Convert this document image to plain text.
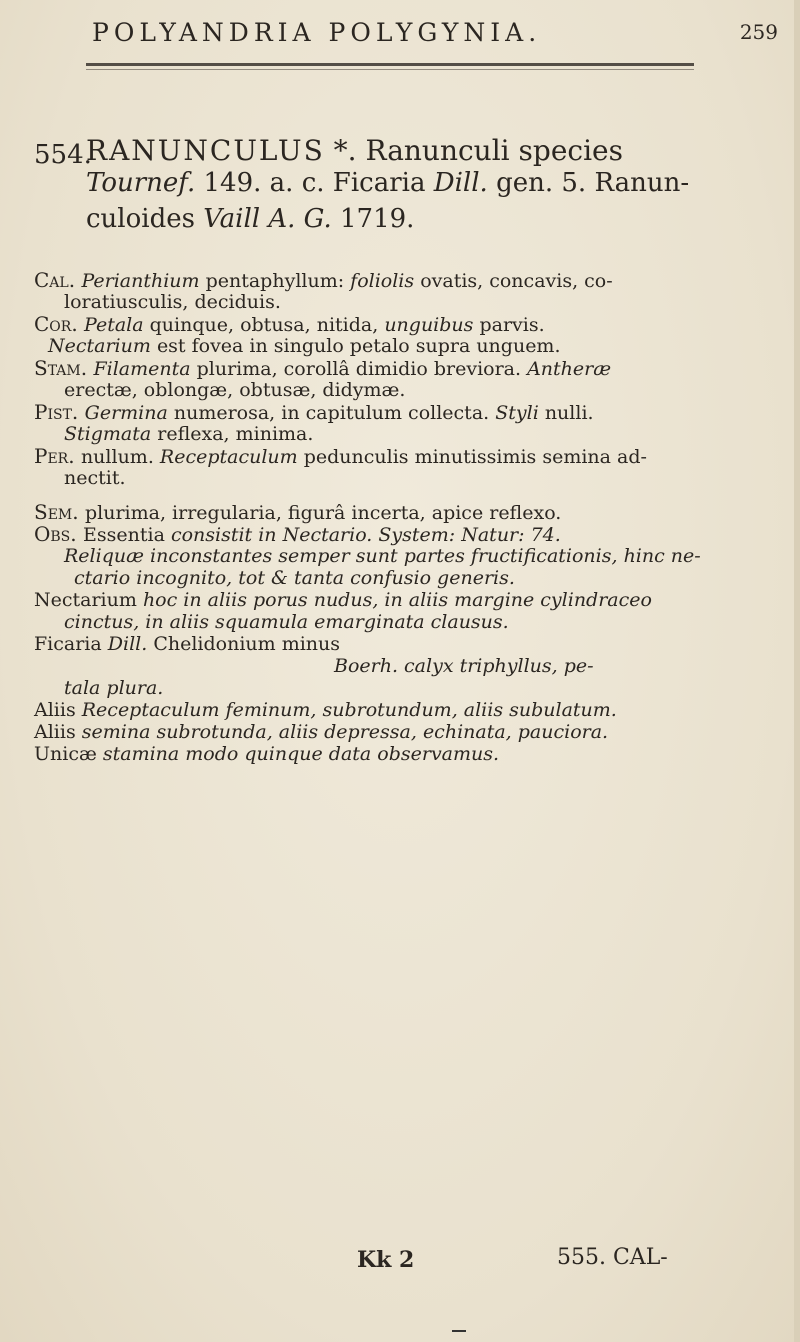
POLYANDRIA POLYGYNIA.	259
554.
RANUNCULUS *. Ranunculi species
Tournef. 149. a. c. Ficaria Dill. gen. 5. Ranun-
culoides Vaill A. G. 1719.
Cal. Perianthium pentaphyllum: foliolis ovatis, concavis, co-
loratiusculis, deciduis.
Cor. Petala quinque, obtusa, nitida, unguibus parvis.
Nectarium est fovea in singulo petalo supra unguem.
Stam. Filamenta plurima, corollâ dimidio breviora. Antheræ
erectæ, oblongæ, obtusæ, didymæ.
Pist. Germina numerosa, in capitulum collecta. Styli nulli.
Stigmata reflexa, minima.
Per. nullum. Receptaculum pedunculis minutissimis semina ad-
nectit.
Sem. plurima, irregularia, figurâ incerta, apice reflexo.
Obs. Essentia consistit in Nectario. System: Natur: 74.
Reliquæ inconstantes semper sunt partes fructificationis, hinc ne-
ctario incognito, tot & tanta confusio generis.
Nectarium hoc in aliis porus nudus, in aliis margine cylindraceo
cinctus, in aliis squamula emarginata clausus.
Ficaria Dill. Chelidonium minus
Boerh. calyx triphyllus, pe-
tala plura.
Aliis Receptaculum feminum, subrotundum, aliis subulatum.
Aliis semina subrotunda, aliis depressa, echinata, pauciora.
Unicæ stamina modo quinque data observamus.
Kk 2	555. CAL-
